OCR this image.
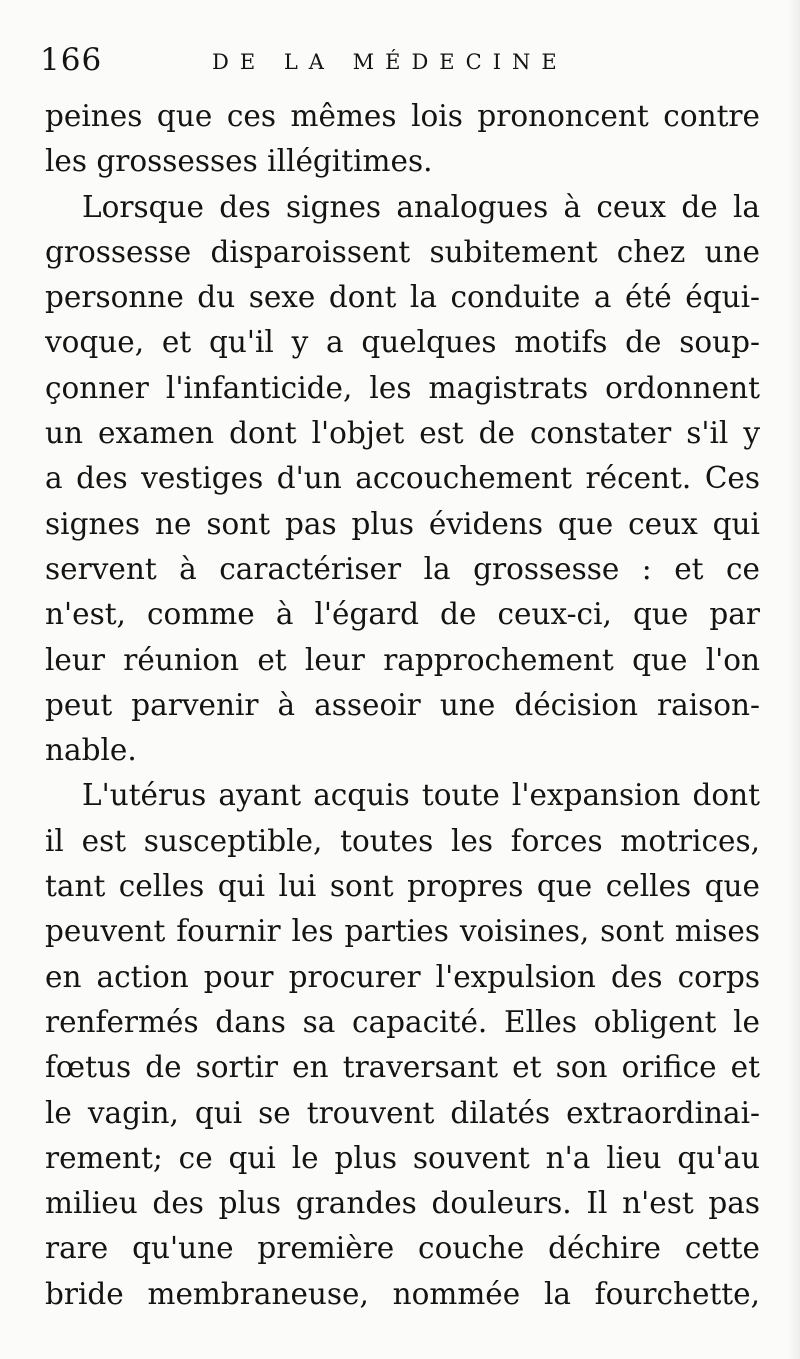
166	DE LA MÉDECINE
peines que ces mêmes lois prononcent contre
les grossesses illégitimes.
Lorsque des signes analogues à ceux de la
grossesse disparoissent subitement chez une
personne du sexe dont la conduite a été équi-
voque, et qu'il y a quelques motifs de soup-
çonner l'infanticide, les magistrats ordonnent
un examen dont l'objet est de constater s'il y
a des vestiges d'un accouchement récent. Ces
signes ne sont pas plus évidens que ceux qui
servent à caractériser la grossesse : et ce
n'est, comme à l'égard de ceux-ci, que par
leur réunion et leur rapprochement que l'on
peut parvenir à asseoir une décision raison-
nable.
L'utérus ayant acquis toute l'expansion dont
il est susceptible, toutes les forces motrices,
tant celles qui lui sont propres que celles que
peuvent fournir les parties voisines, sont mises
en action pour procurer l'expulsion des corps
renfermés dans sa capacité. Elles obligent le
fœtus de sortir en traversant et son orifice et
le vagin, qui se trouvent dilatés extraordinai-
rement; ce qui le plus souvent n'a lieu qu'au
milieu des plus grandes douleurs. Il n'est pas
rare qu'une première couche déchire cette
bride membraneuse, nommée la fourchette,
